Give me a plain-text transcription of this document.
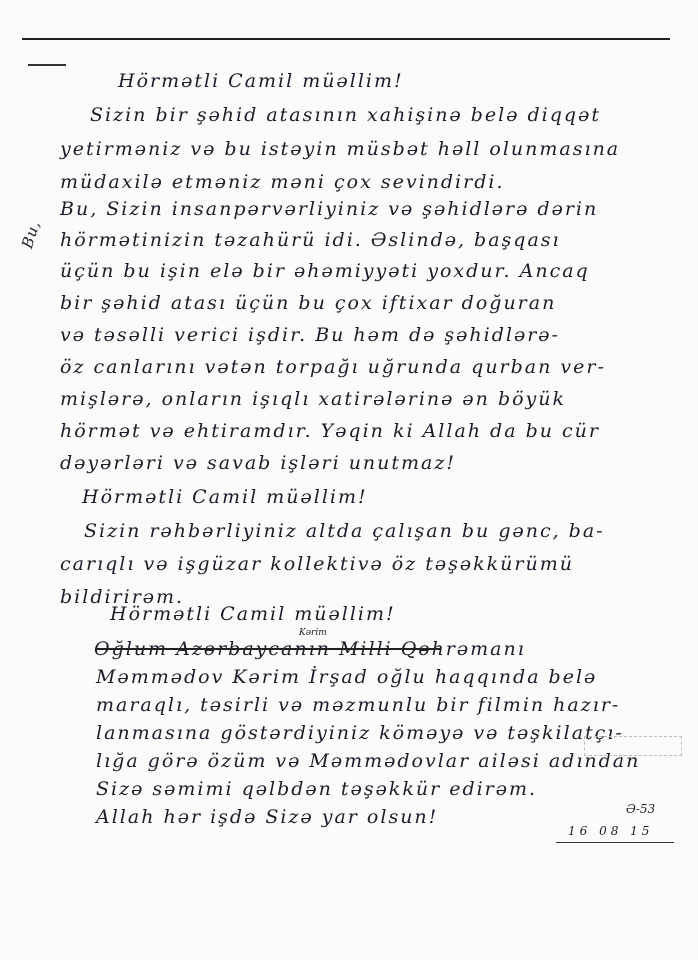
Hörmətli Camil müəllim!
Sizin bir şəhid atasının xahişinə belə diqqət
yetirməniz və bu istəyin müsbət həll olunmasına
müdaxilə etməniz məni çox sevindirdi.
Bu, Sizin insanpərvərliyiniz və şəhidlərə dərin
hörmətinizin təzahürü idi. Əslində, başqası
üçün bu işin elə bir əhəmiyyəti yoxdur. Ancaq
bir şəhid atası üçün bu çox iftixar doğuran
və təsəlli verici işdir. Bu həm də şəhidlərə-
öz canlarını vətən torpağı uğrunda qurban ver-
mişlərə, onların işıqlı xatirələrinə ən böyük
hörmət və ehtiramdır. Yəqin ki Allah da bu cür
dəyərləri və savab işləri unutmaz!
Hörmətli Camil müəllim!
Sizin rəhbərliyiniz altda çalışan bu gənc, ba-
carıqlı və işgüzar kollektivə öz təşəkkürümü
bildirirəm.
Hörmətli Camil müəllim!
Oğlum Azərbaycanın Milli Qəhrəmanı
Məmmədov Kərim İrşad oğlu haqqında belə
maraqlı, təsirli və məzmunlu bir filmin hazır-
lanmasına göstərdiyiniz köməyə və təşkilatçı-
lığa görə özüm və Məmmədovlar ailəsi adından
Sizə səmimi qəlbdən təşəkkür edirəm.
Allah hər işdə Sizə yar olsun!
Bu,
Kərim
Ə-53
16 08 15
